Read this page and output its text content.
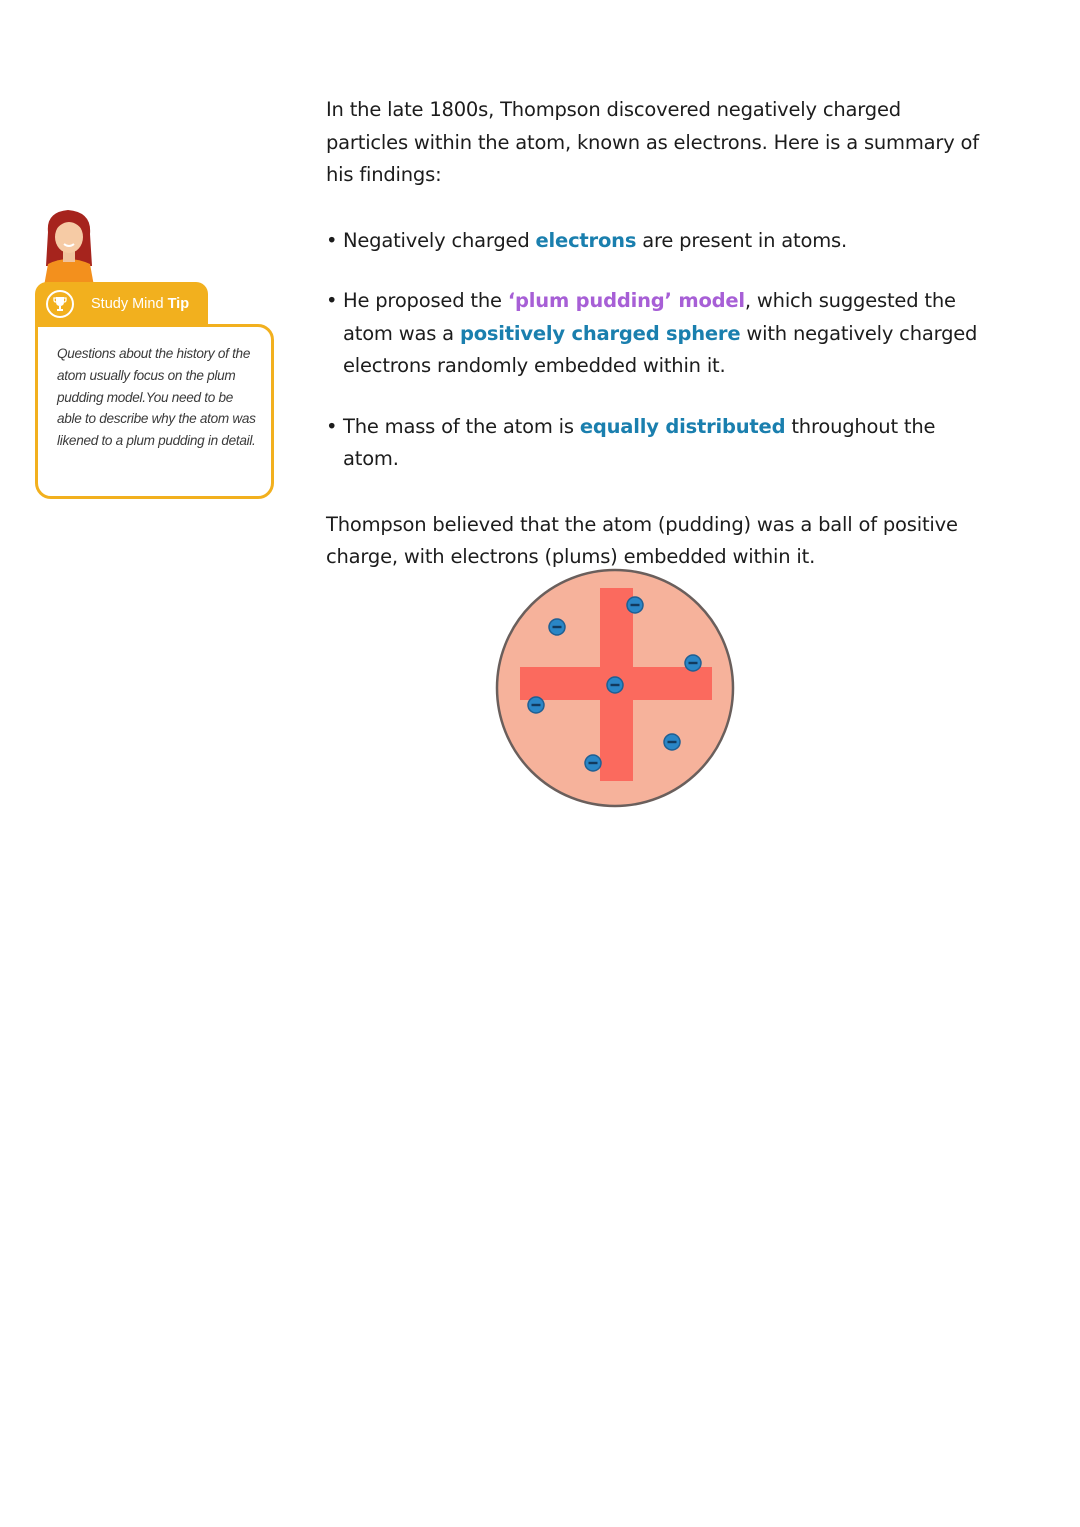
Study Mind Tip

Questions about the history of the atom usually focus on the plum pudding model.You need to be able to describe why the atom was likened to a plum pudding in detail.

In the late 1800s, Thompson discovered negatively charged particles within the atom, known as electrons. Here is a summary of his findings:

• Negatively charged electrons are present in atoms.
• He proposed the ‘plum pudding’ model, which suggested the atom was a positively charged sphere with negatively charged electrons randomly embedded within it.
• The mass of the atom is equally distributed throughout the atom.

Thompson believed that the atom (pudding) was a ball of positive charge, with electrons (plums) embedded within it.
